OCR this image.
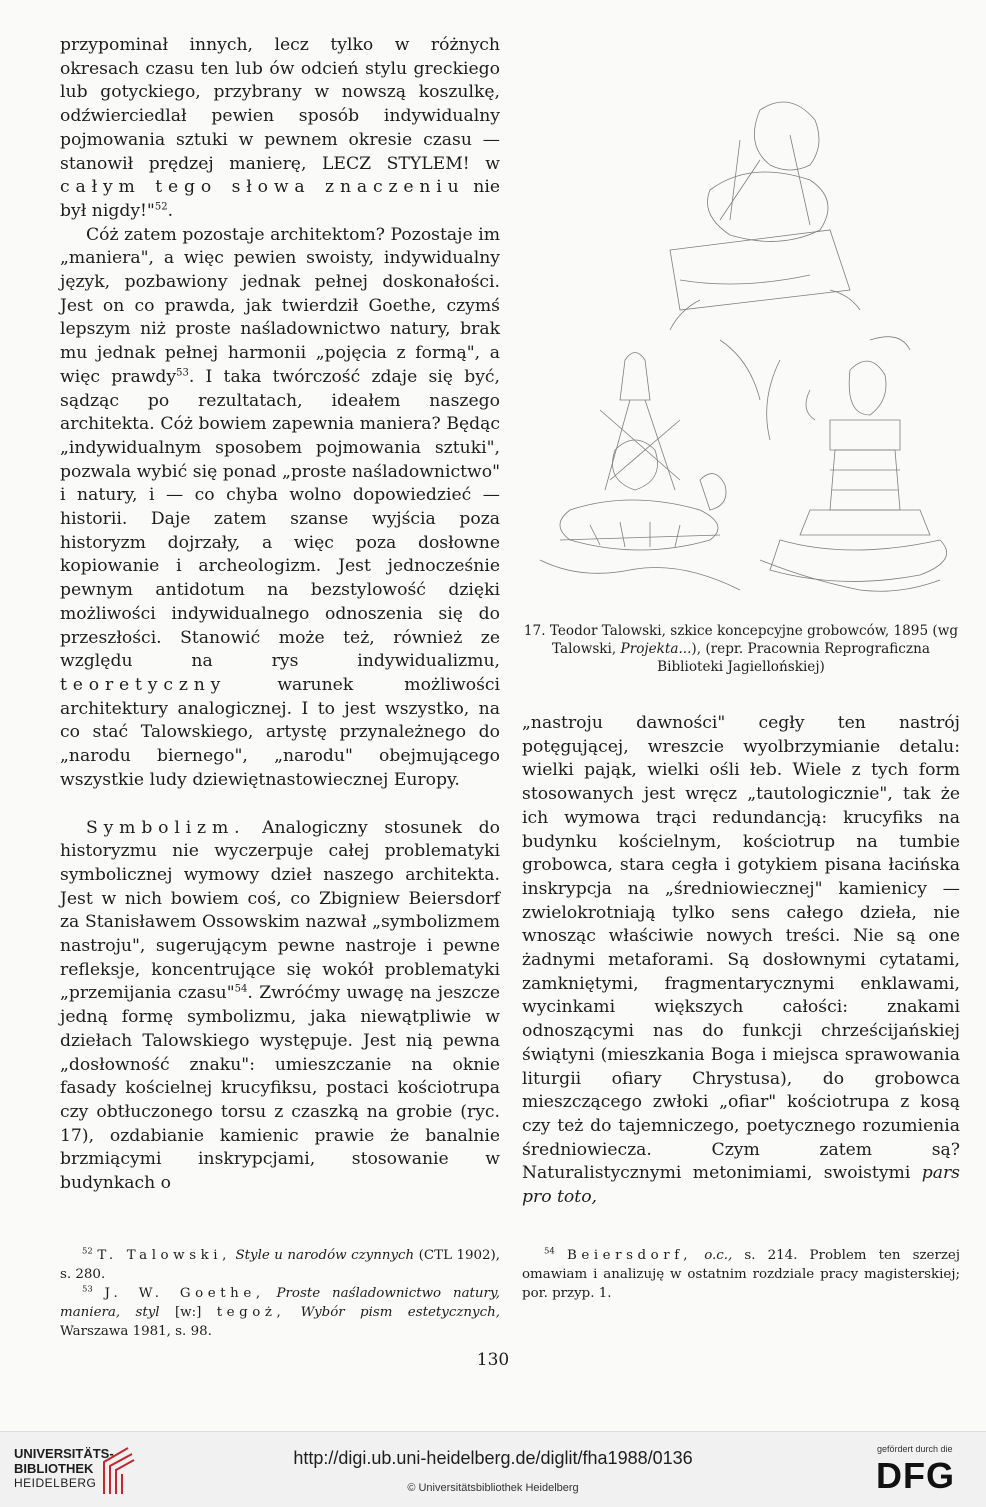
przypominał innych, lecz tylko w różnych okresach czasu ten lub ów odcień stylu greckiego lub gotyckiego, przybrany w nowszą koszulkę, odźwierciedlał pewien sposób indywidualny pojmowania sztuki w pewnem okresie czasu — stanowił prędzej manierę, LECZ STYLEM! w całym tego słowa znaczeniu nie był nigdy!"$^{52}$.

Cóż zatem pozostaje architektom? Pozostaje im „maniera", a więc pewien swoisty, indywidualny język, pozbawiony jednak pełnej doskonałości. Jest on co prawda, jak twierdził Goethe, czymś lepszym niż proste naśladownictwo natury, brak mu jednak pełnej harmonii „pojęcia z formą", a więc prawdy$^{53}$. I taka twórczość zdaje się być, sądząc po rezultatach, ideałem naszego architekta. Cóż bowiem zapewnia maniera? Będąc „indywidualnym sposobem pojmowania sztuki", pozwala wybić się ponad „proste naśladownictwo" i natury, i — co chyba wolno dopowiedzieć — historii. Daje zatem szanse wyjścia poza historyzm dojrzały, a więc poza dosłowne kopiowanie i archeologizm. Jest jednocześnie pewnym antidotum na bezstylowość dzięki możliwości indywidualnego odnoszenia się do przeszłości. Stanowić może też, również ze względu na rys indywidualizmu, teoretyczny	warunek możliwości architektury analogicznej. I to jest wszystko, na co stać Talowskiego, artystę przynależnego do „narodu biernego", „narodu" obejmującego wszystkie ludy dziewiętnastowiecznej Europy.

Symbolizm. Analogiczny stosunek do historyzmu nie wyczerpuje całej problematyki symbolicznej wymowy dzieł naszego architekta. Jest w nich bowiem coś, co Zbigniew Beiersdorf za Stanisławem Ossowskim nazwał „symbolizmem nastroju", sugerującym pewne nastroje i pewne refleksje, koncentrujące się wokół problematyki „przemijania czasu"$^{54}$. Zwróćmy uwagę na jeszcze jedną formę symbolizmu, jaka niewątpliwie w dziełach Talowskiego występuje. Jest nią pewna „dosłowność znaku": umieszczanie na oknie fasady kościelnej krucyfiksu, postaci kościotrupa czy obtłuczonego torsu z czaszką na grobie (ryc. 17), ozdabianie kamienic prawie że banalnie brzmiącymi inskrypcjami, stosowanie w budynkach o

17. Teodor Talowski, szkice koncepcyjne grobowców, 1895 (wg Talowski, Projekta...), (repr. Pracownia Reprograficzna Biblioteki Jagiellońskiej)

„nastroju dawności" cegły ten nastrój potęgującej, wreszcie wyolbrzymianie detalu: wielki pająk, wielki ośli łeb. Wiele z tych form stosowanych jest wręcz „tautologicznie", tak że ich wymowa trąci redundancją: krucyfiks na budynku kościelnym, kościotrup na tumbie grobowca, stara cegła i gotykiem pisana łacińska inskrypcja na „średniowiecznej" kamienicy — zwielokrotniają tylko sens całego dzieła, nie wnosząc właściwie nowych treści. Nie są one żadnymi metaforami. Są dosłownymi cytatami, zamkniętymi, fragmentarycznymi enklawami, wycinkami większych całości: znakami odnoszącymi nas do funkcji chrześcijańskiej świątyni (mieszkania Boga i miejsca sprawowania liturgii ofiary Chrystusa), do grobowca mieszczącego zwłoki „ofiar" kościotrupa z kosą czy też do tajemniczego, poetycznego rozumienia średniowiecza. Czym zatem są? Naturalistycznymi metonimiami, swoistymi pars pro toto,

$^{52}$ T. Talowski, Style u narodów czynnych (CTL 1902), s. 280.

$^{53}$ J. W. Goethe, Proste naśladownictwo natury, maniera, styl [w:] tegoż, Wybór pism estetycznych, Warszawa 1981, s. 98.

$^{54}$ Beiersdorf, o.c., s. 214. Problem ten szerzej omawiam i analizuję w ostatnim rozdziale pracy magisterskiej; por. przyp. 1.

130
UNIVERSITÄTS-
BIBLIOTHEK
HEIDELBERG
http://digi.ub.uni-heidelberg.de/diglit/fha1988/0136
© Universitätsbibliothek Heidelberg
gefördert durch die
DFG
